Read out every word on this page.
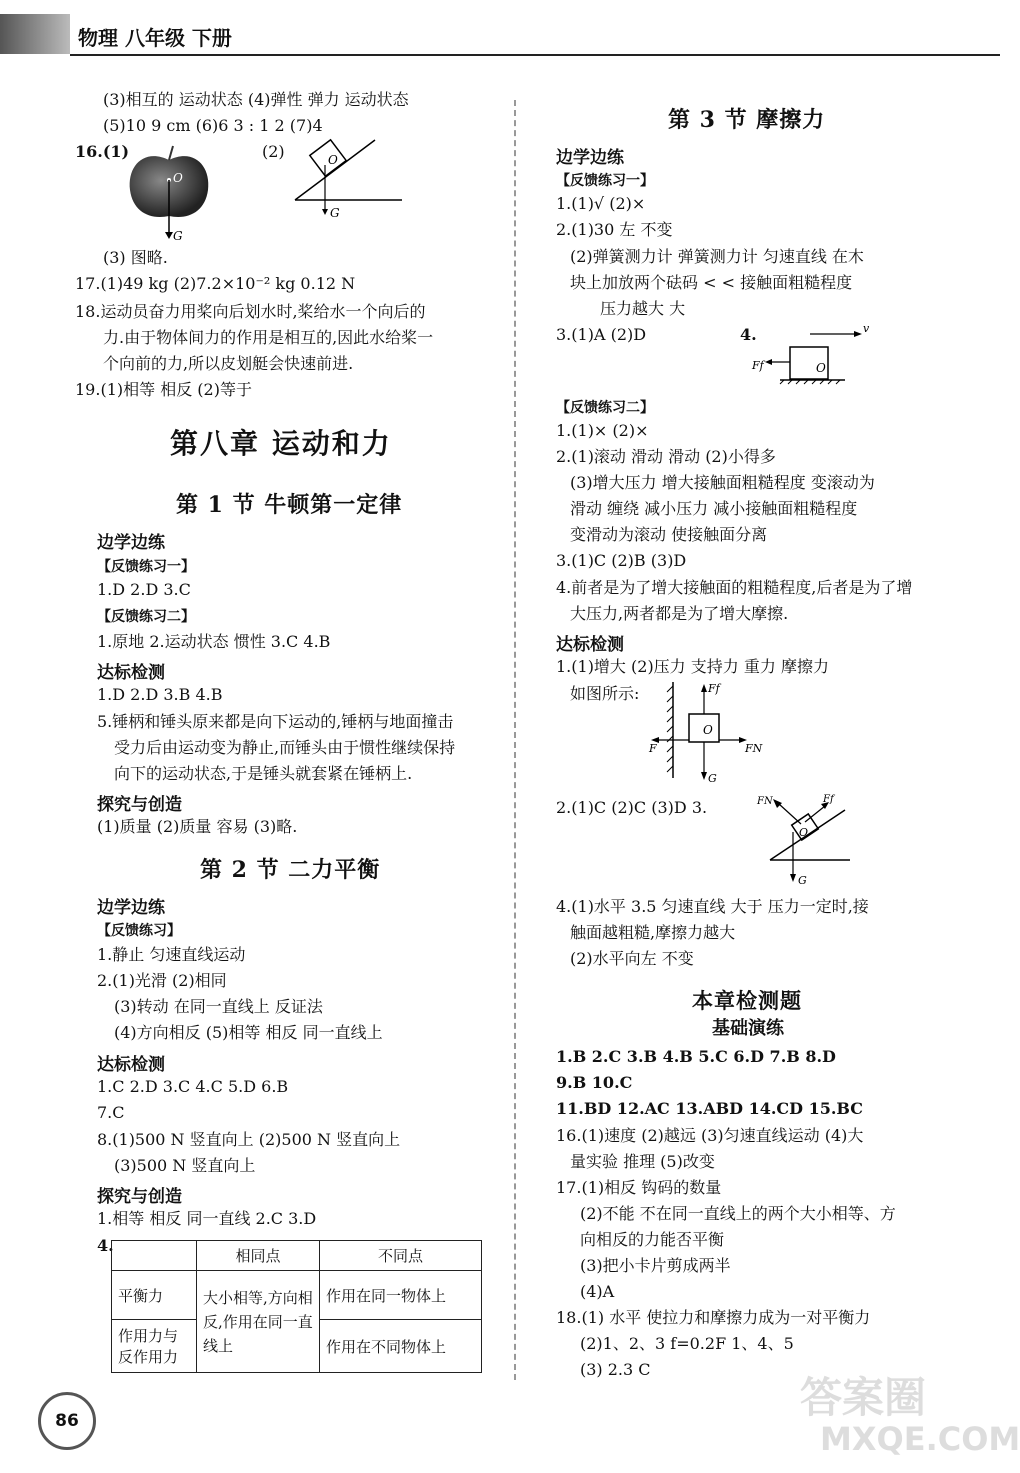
物理 八年级 下册
(3)相互的 运动状态 (4)弹性 弹力 运动状态
(5)10 9 cm (6)6 3 : 1 2 (7)4
16.(1)
O
G
(2)	O
G
(3) 图略.
17.(1)49 kg (2)7.2×10⁻² kg 0.12 N
18.运动员奋力用桨向后划水时,桨给水一个向后的
力.由于物体间力的作用是相互的,因此水给桨一
个向前的力,所以皮划艇会快速前进.
19.(1)相等 相反 (2)等于
第八章 运动和力
第 1 节 牛顿第一定律
边学边练
【反馈练习一】
1.D 2.D 3.C
【反馈练习二】
1.原地 2.运动状态 惯性 3.C 4.B
达标检测
1.D 2.D 3.B 4.B
5.锤柄和锤头原来都是向下运动的,锤柄与地面撞击
受力后由运动变为静止,而锤头由于惯性继续保持
向下的运动状态,于是锤头就套紧在锤柄上.
探究与创造
(1)质量 (2)质量 容易 (3)略.
第 2 节 二力平衡
边学边练
【反馈练习】
1.静止 匀速直线运动
2.(1)光滑 (2)相同
(3)转动 在同一直线上 反证法
(4)方向相反 (5)相等 相反 同一直线上
达标检测
1.C 2.D 3.C 4.C 5.D 6.B
7.C
8.(1)500 N 竖直向上 (2)500 N 竖直向上
(3)500 N 竖直向上
探究与创造
1.相等 相反 同一直线 2.C 3.D
4.
	相同点	不同点
平衡力	大小相等,方向相反,作用在同一直线上	作用在同一物体上
作用力与反作用力		作用在不同物体上
第 3 节 摩擦力
边学边练
【反馈练习一】
1.(1)√ (2)×
2.(1)30 左 不变
(2)弹簧测力计 弹簧测力计 匀速直线 在木
块上加放两个砝码 < < 接触面粗糙程度
压力越大 大
3.(1)A (2)D	4.	v
O
Ff
【反馈练习二】
1.(1)× (2)×
2.(1)滚动 滑动 滑动 (2)小得多
(3)增大压力 增大接触面粗糙程度 变滚动为
滑动 缠绕 减小压力 减小接触面粗糙程度
变滑动为滚动 使接触面分离
3.(1)C (2)B (3)D
4.前者是为了增大接触面的粗糙程度,后者是为了增
大压力,两者都是为了增大摩擦.
达标检测
1.(1)增大 (2)压力 支持力 重力 摩擦力
如图所示:
O
Ff
F	FN
G
2.(1)C (2)C (3)D 3.
O
Ff
FN
G
4.(1)水平 3.5 匀速直线 大于 压力一定时,接
触面越粗糙,摩擦力越大
(2)水平向左 不变
本章检测题
基础演练
1.B 2.C 3.B 4.B 5.C 6.D 7.B 8.D
9.B 10.C
11.BD 12.AC 13.ABD 14.CD 15.BC
16.(1)速度 (2)越远 (3)匀速直线运动 (4)大
量实验 推理 (5)改变
17.(1)相反 钩码的数量
(2)不能 不在同一直线上的两个大小相等、方
向相反的力能否平衡
(3)把小卡片剪成两半
(4)A
18.(1) 水平 使拉力和摩擦力成为一对平衡力
(2)1、2、3 f=0.2F 1、4、5
(3) 2.3 C
86	答案圈
MXQE.COM
